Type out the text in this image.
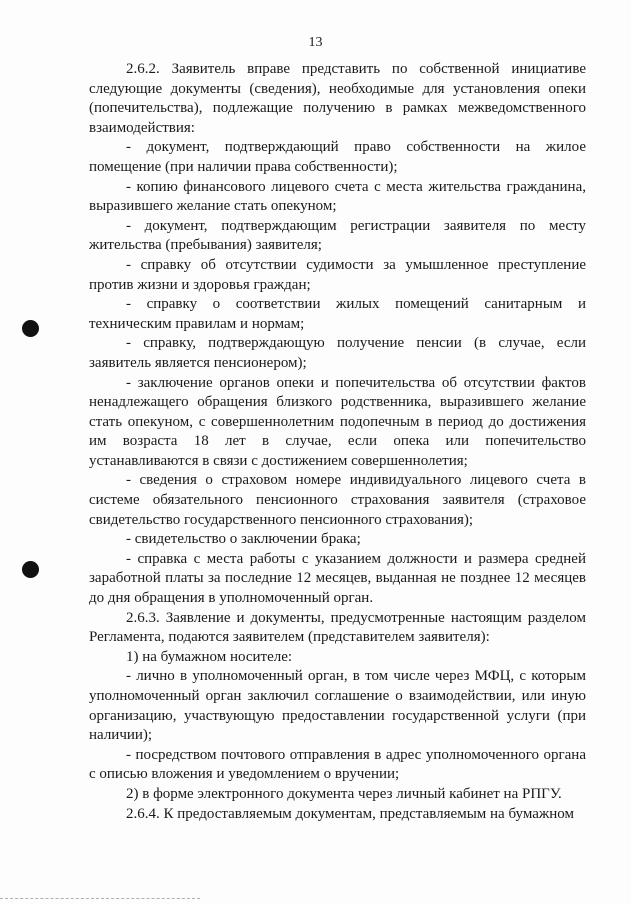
13

2.6.2. Заявитель вправе представить по собственной инициативе следующие документы (сведения), необходимые для установления опеки (попечительства), подлежащие получению в рамках межведомственного взаимодействия:

- документ, подтверждающий право собственности на жилое помещение (при наличии права собственности);

- копию финансового лицевого счета с места жительства гражданина, выразившего желание стать опекуном;

- документ, подтверждающим регистрации заявителя по месту жительства (пребывания) заявителя;

- справку об отсутствии судимости за умышленное преступление против жизни и здоровья граждан;

- справку о соответствии жилых помещений санитарным и техническим правилам и нормам;

- справку, подтверждающую получение пенсии (в случае, если заявитель является пенсионером);

- заключение органов опеки и попечительства об отсутствии фактов ненадлежащего обращения близкого родственника, выразившего желание стать опекуном, с совершеннолетним подопечным в период до достижения им возраста 18 лет в случае, если опека или попечительство устанавливаются в связи с достижением совершеннолетия;

- сведения о страховом номере индивидуального лицевого счета в системе обязательного пенсионного страхования заявителя (страховое свидетельство государственного пенсионного страхования);

- свидетельство о заключении брака;

- справка с места работы с указанием должности и размера средней заработной платы за последние 12 месяцев, выданная не позднее 12 месяцев до дня обращения в уполномоченный орган.

2.6.3. Заявление и документы, предусмотренные настоящим разделом Регламента, подаются заявителем (представителем заявителя):

1) на бумажном носителе:

- лично в уполномоченный орган, в том числе через МФЦ, с которым уполномоченный орган заключил соглашение о взаимодействии, или иную организацию, участвующую предоставлении государственной услуги (при наличии);

- посредством почтового отправления в адрес уполномоченного органа с описью вложения и уведомлением о вручении;

2) в форме электронного документа через личный кабинет на РПГУ.

2.6.4. К предоставляемым документам, представляемым на бумажном
